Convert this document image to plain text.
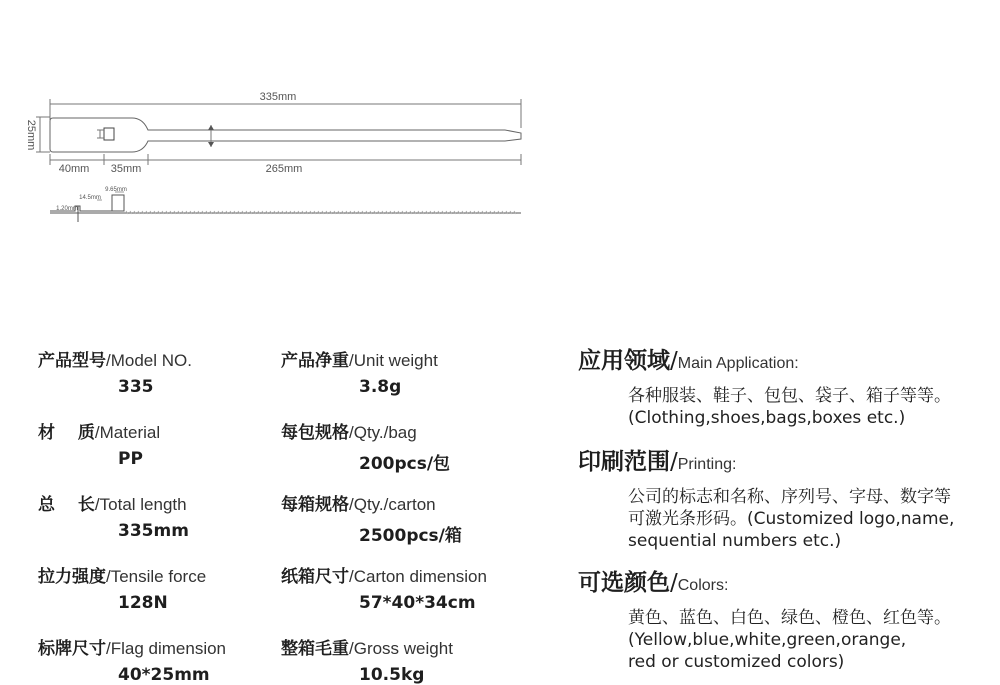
335mm
25mm
40mm 35mm	265mm
14.5mm
9.65mm
1.20mm
产品型号/Model NO.
335
材　 质/Material
PP
总　 长/Total length
335mm
拉力强度/Tensile force
128N
标牌尺寸/Flag dimension
40*25mm
产品净重/Unit weight
3.8g
每包规格/Qty./bag
200pcs/包
每箱规格/Qty./carton
2500pcs/箱
纸箱尺寸/Carton dimension
57*40*34cm
整箱毛重/Gross weight
10.5kg
应用领域/Main Application:
各种服装、鞋子、包包、袋子、箱子等等。
(Clothing,shoes,bags,boxes etc.)
印刷范围/Printing:
公司的标志和名称、序列号、字母、数字等
可激光条形码。(Customized logo,name,
sequential numbers etc.)
可选颜色/Colors:
黄色、蓝色、白色、绿色、橙色、红色等。
(Yellow,blue,white,green,orange,
red or customized colors)
